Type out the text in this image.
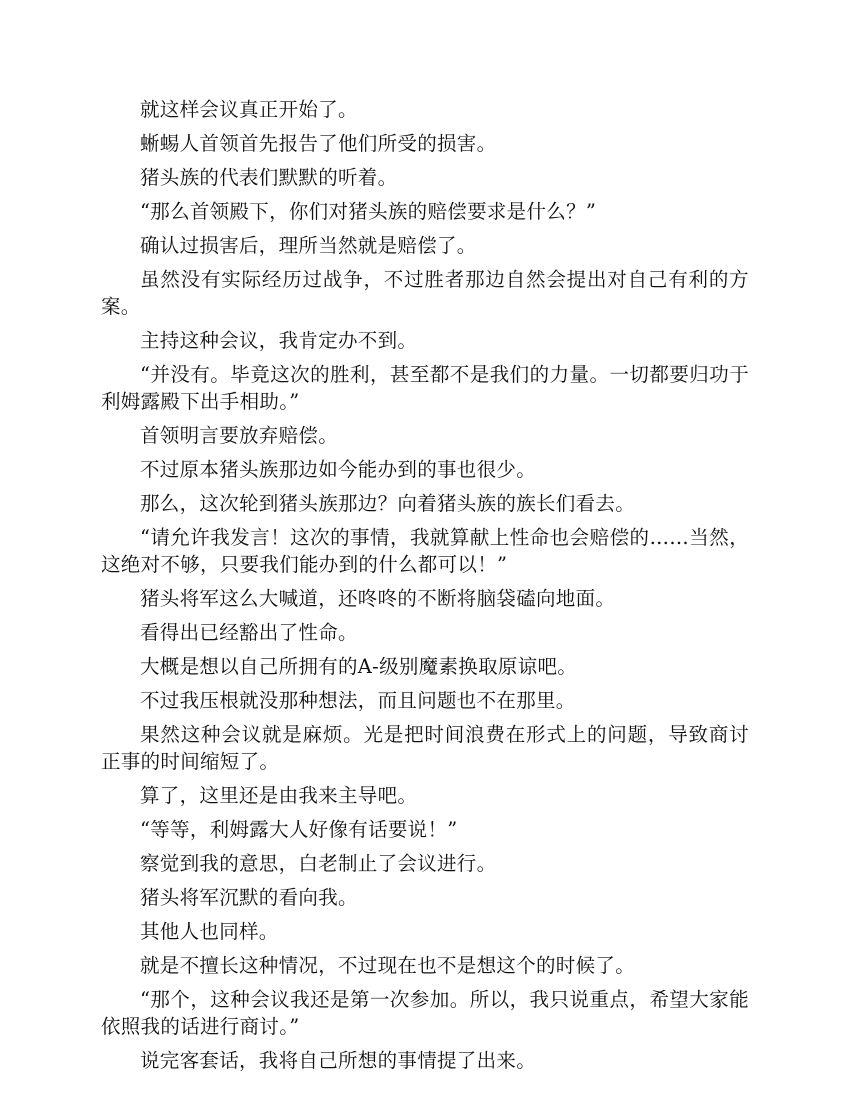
就这样会议真正开始了。

蜥蜴人首领首先报告了他们所受的损害。

猪头族的代表们默默的听着。

“那么首领殿下，你们对猪头族的赔偿要求是什么？”

确认过损害后，理所当然就是赔偿了。

虽然没有实际经历过战争，不过胜者那边自然会提出对自己有利的方案。

主持这种会议，我肯定办不到。

“并没有。毕竟这次的胜利，甚至都不是我们的力量。一切都要归功于利姆露殿下出手相助。”

首领明言要放弃赔偿。

不过原本猪头族那边如今能办到的事也很少。

那么，这次轮到猪头族那边？向着猪头族的族长们看去。

“请允许我发言！这次的事情，我就算献上性命也会赔偿的……当然，这绝对不够，只要我们能办到的什么都可以！”

猪头将军这么大喊道，还咚咚的不断将脑袋磕向地面。

看得出已经豁出了性命。

大概是想以自己所拥有的A-级别魔素换取原谅吧。

不过我压根就没那种想法，而且问题也不在那里。

果然这种会议就是麻烦。光是把时间浪费在形式上的问题，导致商讨正事的时间缩短了。

算了，这里还是由我来主导吧。

“等等，利姆露大人好像有话要说！”

察觉到我的意思，白老制止了会议进行。

猪头将军沉默的看向我。

其他人也同样。

就是不擅长这种情况，不过现在也不是想这个的时候了。

“那个，这种会议我还是第一次参加。所以，我只说重点，希望大家能依照我的话进行商讨。”

说完客套话，我将自己所想的事情提了出来。
